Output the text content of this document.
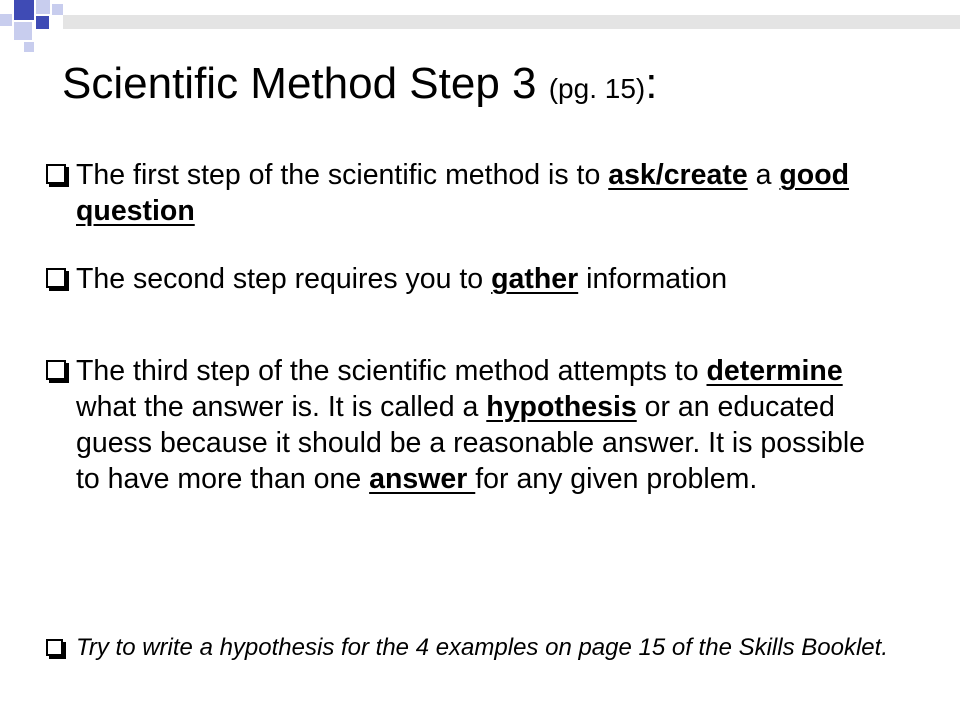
Scientific Method Step 3 (pg. 15):
The first step of the scientific method is to ask/create a good question
The second step requires you to gather information
The third step of the scientific method attempts to determine what the answer is. It is called a hypothesis or an educated guess because it should be a reasonable answer. It is possible to have more than one answer for any given problem.
Try to write a hypothesis for the 4 examples on page 15 of the Skills Booklet.
